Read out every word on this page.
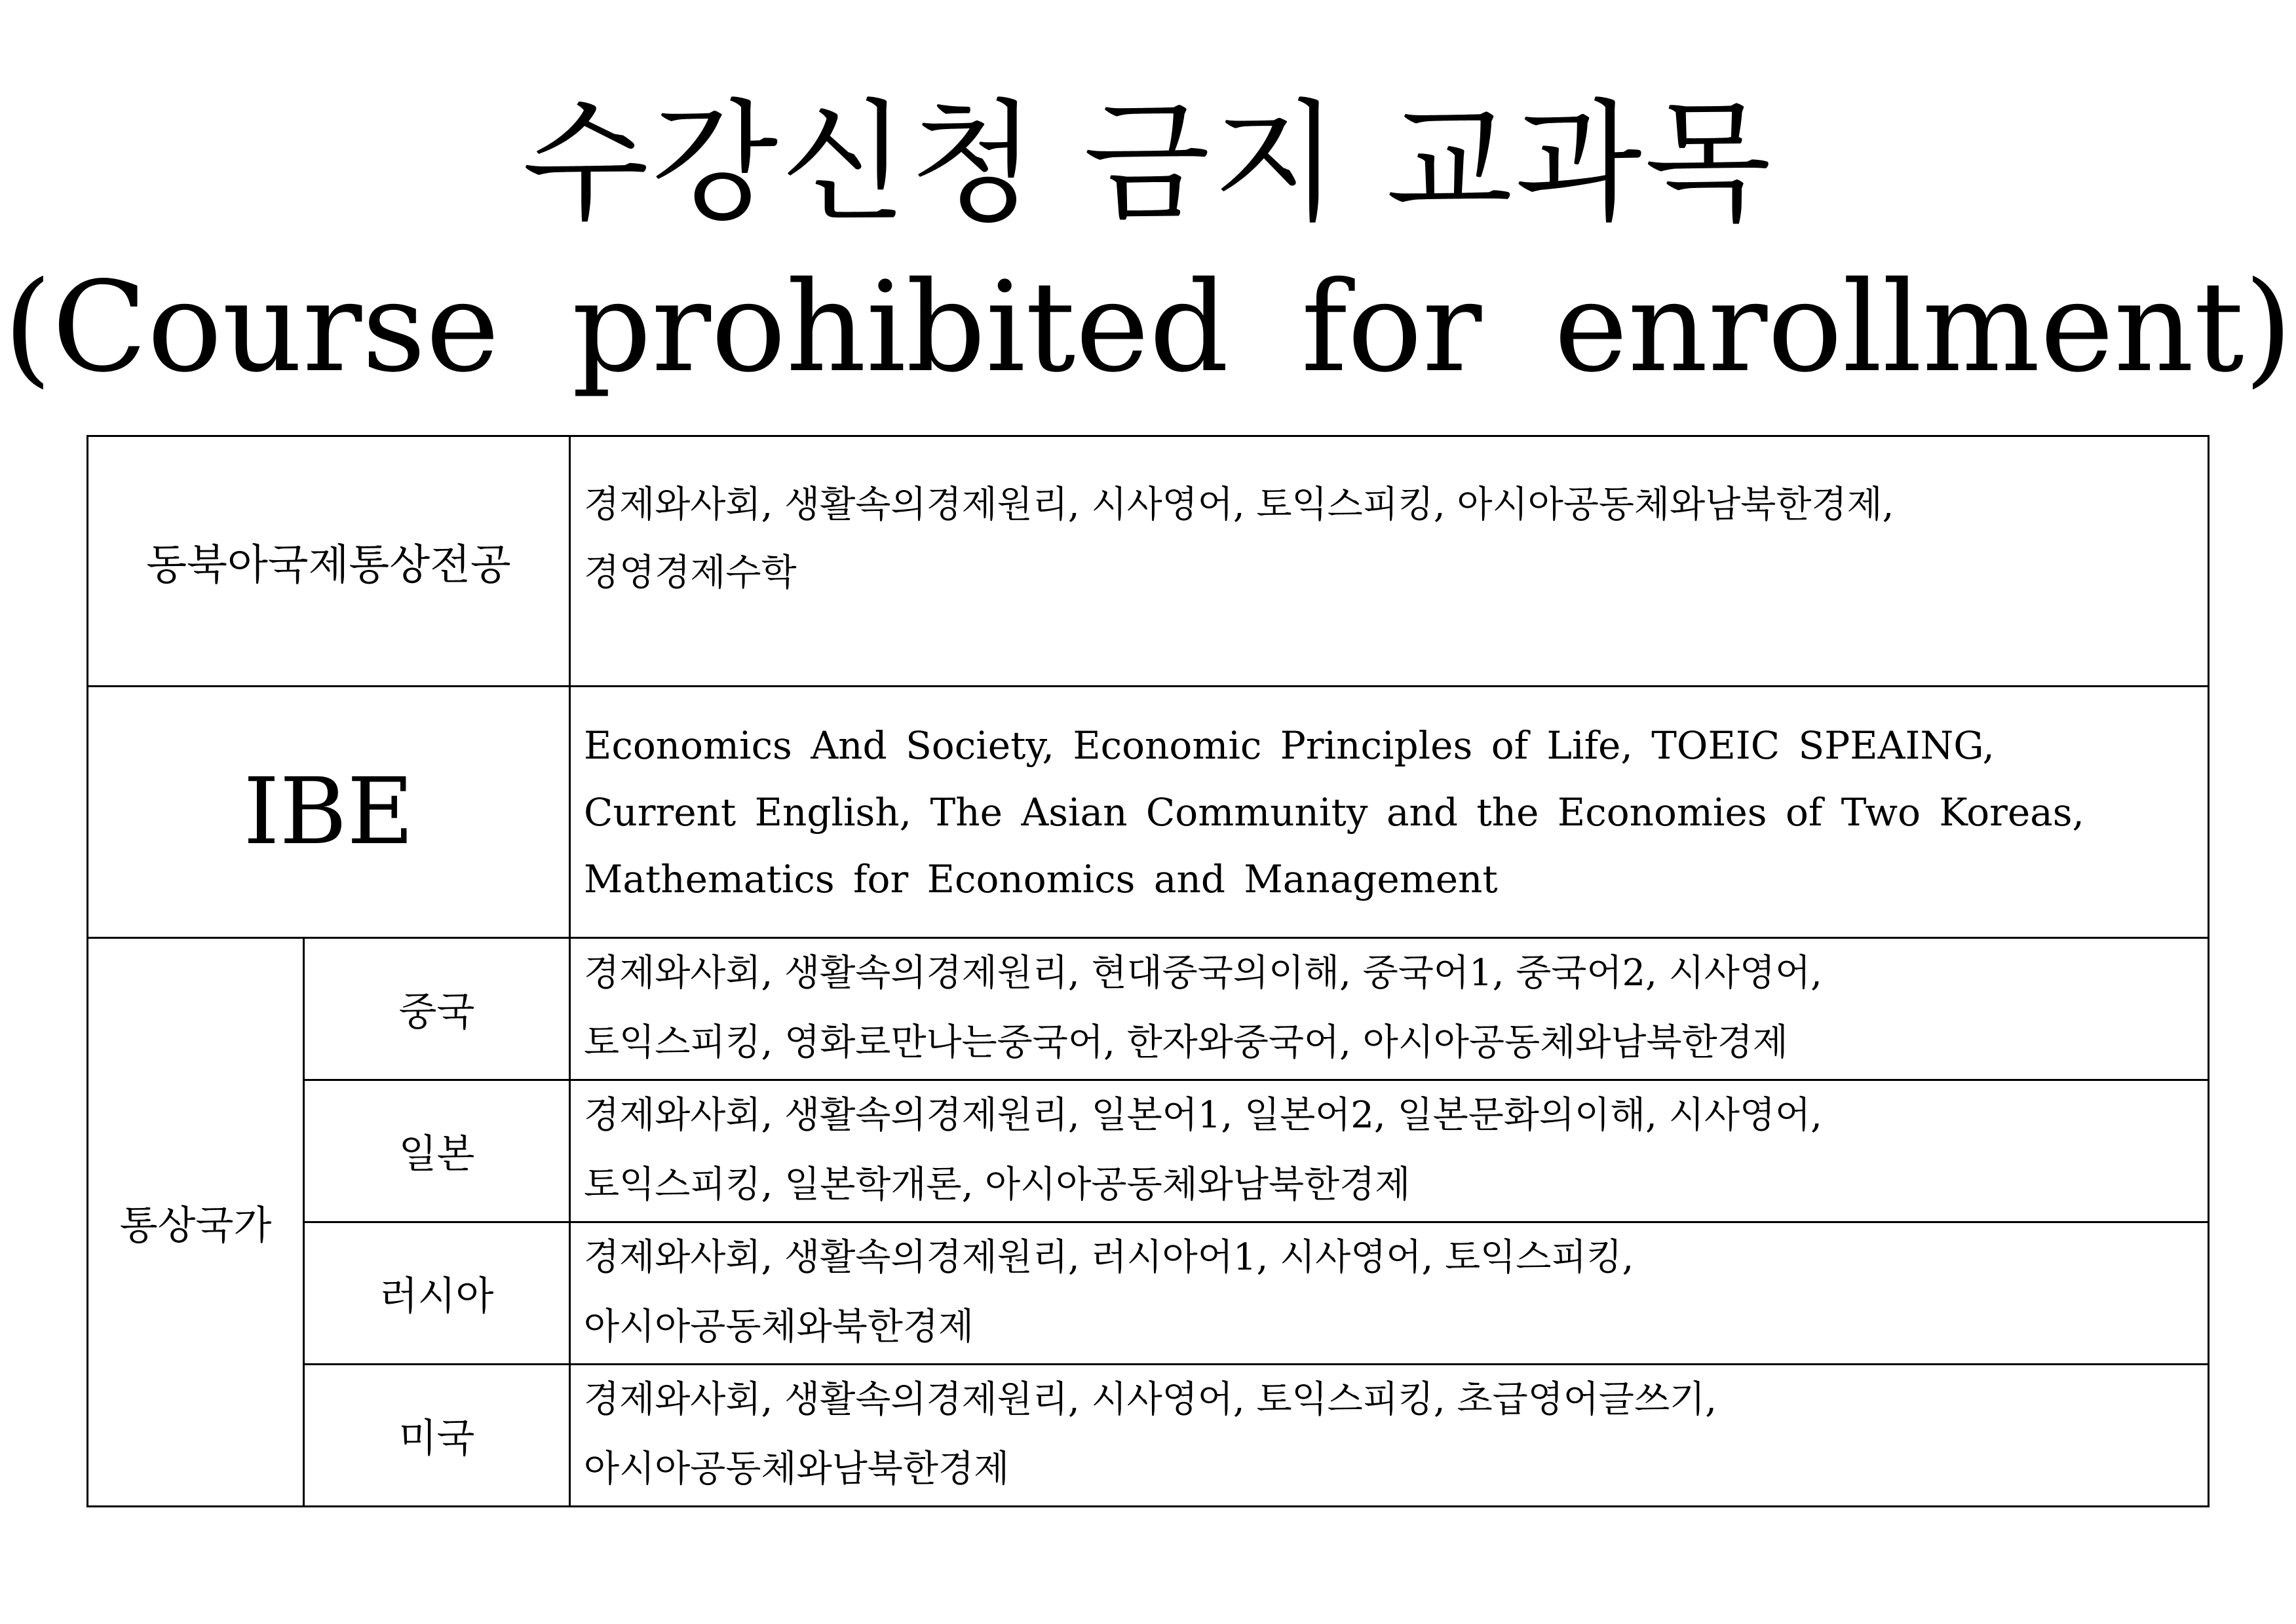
수강신청 금지 교과목
(Course prohibited for enrollment)
동북아국제통상전공		경제와사회, 생활속의경제원리, 시사영어, 토익스피킹, 아시아공동체와남북한경제,
경영경제수학

IBE		Economics And Society, Economic Principles of Life, TOEIC SPEAING,
Current English, The Asian Community and the Economies of Two Koreas,
Mathematics for Economics and Management

통상국가	중국	경제와사회, 생활속의경제원리, 현대중국의이해, 중국어1, 중국어2, 시사영어,
토익스피킹, 영화로만나는중국어, 한자와중국어, 아시아공동체와남북한경제

	일본	경제와사회, 생활속의경제원리, 일본어1, 일본어2, 일본문화의이해, 시사영어,
토익스피킹, 일본학개론, 아시아공동체와남북한경제

	러시아	경제와사회, 생활속의경제원리, 러시아어1, 시사영어, 토익스피킹,
아시아공동체와북한경제

	미국	경제와사회, 생활속의경제원리, 시사영어, 토익스피킹, 초급영어글쓰기,
아시아공동체와남북한경제
